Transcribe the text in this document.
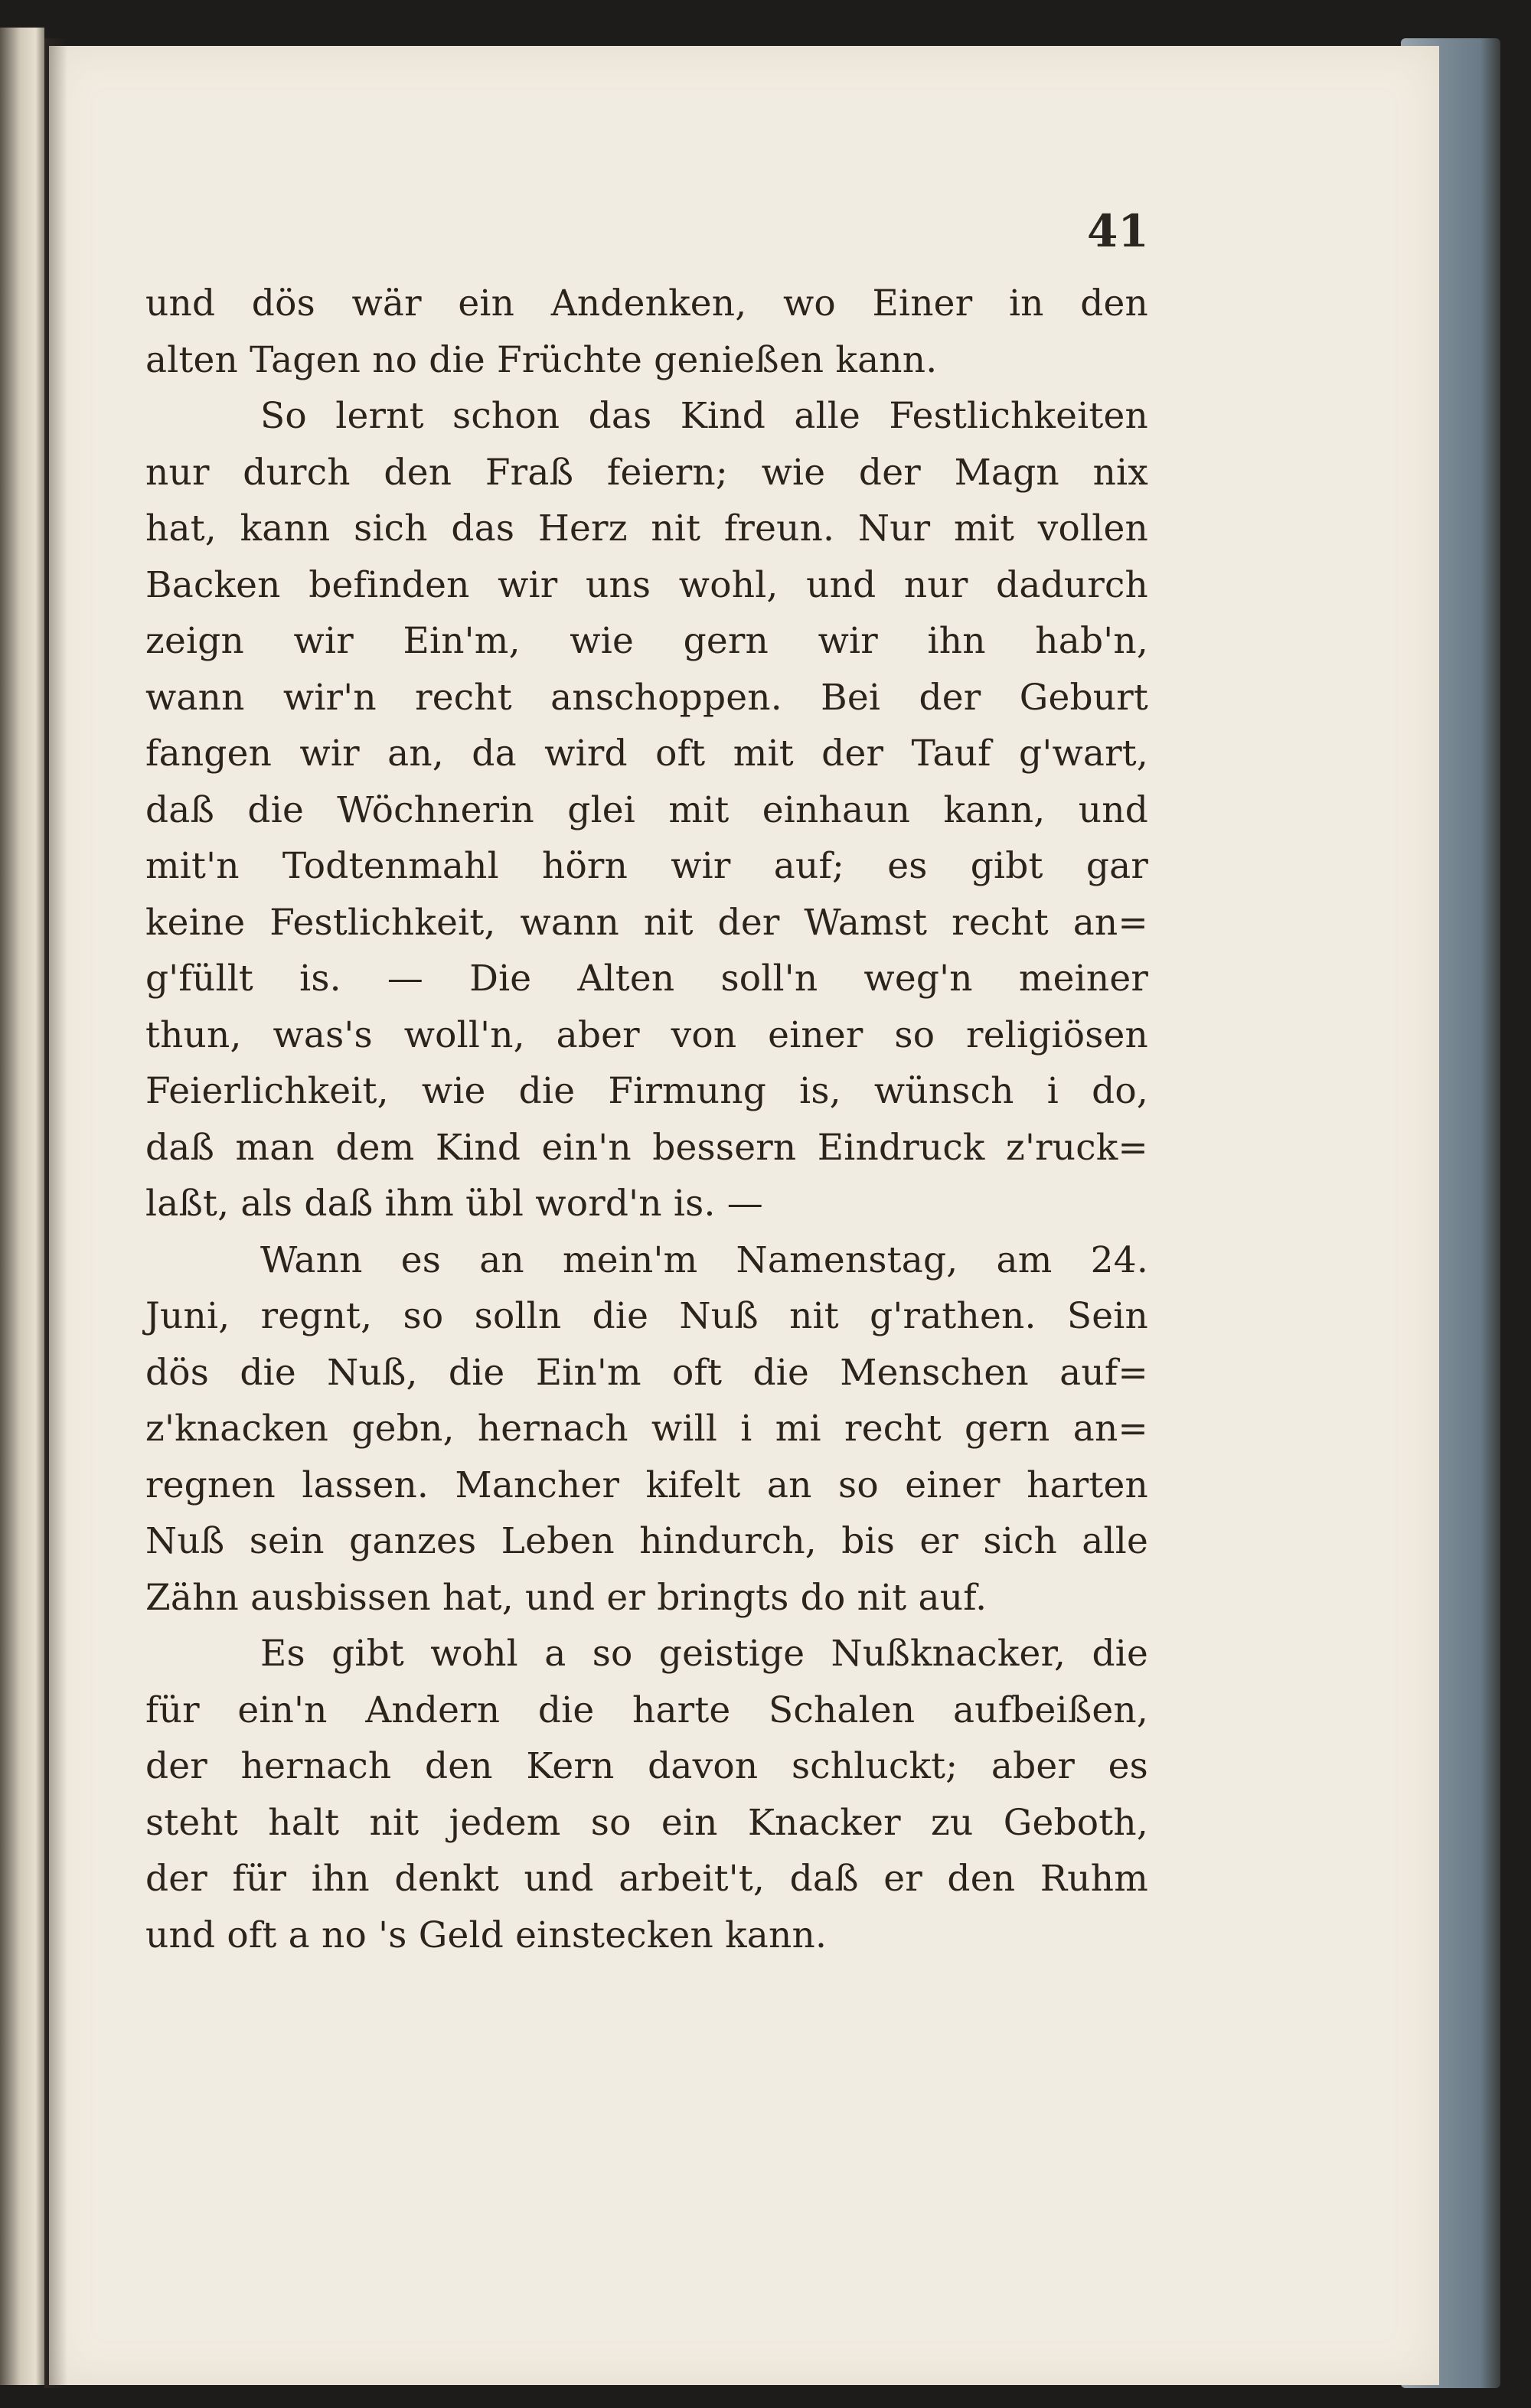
41
und dös wär ein Andenken, wo Einer in den
alten Tagen no die Früchte genießen kann.
So lernt schon das Kind alle Festlichkeiten
nur durch den Fraß feiern; wie der Magn nix
hat, kann sich das Herz nit freun. Nur mit vollen
Backen befinden wir uns wohl, und nur dadurch
zeign wir Ein'm, wie gern wir ihn hab'n,
wann wir'n recht anschoppen. Bei der Geburt
fangen wir an, da wird oft mit der Tauf g'wart,
daß die Wöchnerin glei mit einhaun kann, und
mit'n Todtenmahl hörn wir auf; es gibt gar
keine Festlichkeit, wann nit der Wamst recht an=
g'füllt is. — Die Alten soll'n weg'n meiner
thun, was's woll'n, aber von einer so religiösen
Feierlichkeit, wie die Firmung is, wünsch i do,
daß man dem Kind ein'n bessern Eindruck z'ruck=
laßt, als daß ihm übl word'n is. —
Wann es an mein'm Namenstag, am 24.
Juni, regnt, so solln die Nuß nit g'rathen. Sein
dös die Nuß, die Ein'm oft die Menschen auf=
z'knacken gebn, hernach will i mi recht gern an=
regnen lassen. Mancher kifelt an so einer harten
Nuß sein ganzes Leben hindurch, bis er sich alle
Zähn ausbissen hat, und er bringts do nit auf.
Es gibt wohl a so geistige Nußknacker, die
für ein'n Andern die harte Schalen aufbeißen,
der hernach den Kern davon schluckt; aber es
steht halt nit jedem so ein Knacker zu Geboth,
der für ihn denkt und arbeit't, daß er den Ruhm
und oft a no 's Geld einstecken kann.
